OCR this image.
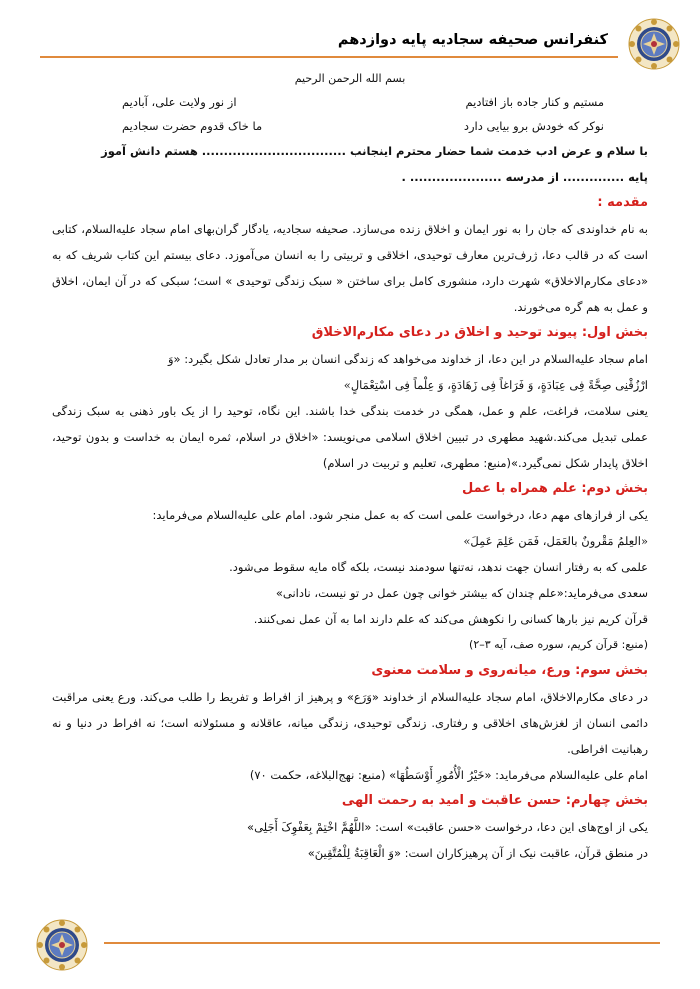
کنفرانس صحیفه سجادیه پایه دوازدهم
بسم الله الرحمن الرحیم
مستیم و کنار جاده باز افتادیم
از نور ولایت علی، آبادیم
نوکر که خودش برو بیایی دارد
ما خاک قدوم حضرت سجادیم
با سلام و عرض ادب خدمت شما حضار محترم اینجانب ................................. هستم دانش آموز
پایه .............. از مدرسه ..................... .
مقدمه :

به نام خداوندی که جان را به نور ایمان و اخلاق زنده می‌سازد. صحیفه سجادیه، یادگار گران‌بهای امام سجاد علیه‌السلام، کتابی است که در قالب دعا، ژرف‌ترین معارف توحیدی، اخلاقی و تربیتی را به انسان می‌آموزد. دعای بیستم این کتاب شریف که به «دعای مکارم‌الاخلاق» شهرت دارد، منشوری کامل برای ساختن « سبک زندگی توحیدی » است؛ سبکی که در آن ایمان، اخلاق و عمل به هم گره می‌خورند.

بخش اول: پیوند توحید و اخلاق در دعای مکارم‌الاخلاق
امام سجاد علیه‌السلام در این دعا، از خداوند می‌خواهد که زندگی انسان بر مدار تعادل شکل بگیرد: «وَ
ارْزُقْنِی صِحَّةً فِی عِبَادَةٍ، وَ فَرَاغاً فِی زَهَادَةٍ، وَ عِلْماً فِی اسْتِعْمَالٍ»

یعنی سلامت، فراغت، علم و عمل، همگی در خدمت بندگی خدا باشند. این نگاه، توحید را از یک باور ذهنی به سبک زندگی عملی تبدیل می‌کند.شهید مطهری در تبیین اخلاق اسلامی می‌نویسد: «اخلاق در اسلام، ثمره ایمان به خداست و بدون توحید، اخلاق پایدار شکل نمی‌گیرد.»(منبع: مطهری، تعلیم و تربیت در اسلام)

بخش دوم: علم همراه با عمل
یکی از فرازهای مهم دعا، درخواست علمی است که به عمل منجر شود. امام علی علیه‌السلام می‌فرماید:
«العِلمُ مَقْرونٌ بالعَمَل، فَمَن عَلِمَ عَمِلَ»
علمی که به رفتار انسان جهت ندهد، نه‌تنها سودمند نیست، بلکه گاه مایه سقوط می‌شود.
سعدی می‌فرماید:«علم چندان که بیشتر خوانی چون عمل در تو نیست، نادانی»
قرآن کریم نیز بارها کسانی را نکوهش می‌کند که علم دارند اما به آن عمل نمی‌کنند.
(منبع: قرآن کریم، سوره صف، آیه ۳–۲)
بخش سوم: ورع، میانه‌روی و سلامت معنوی

در دعای مکارم‌الاخلاق، امام سجاد علیه‌السلام از خداوند «وَرَع» و پرهیز از افراط و تفریط را طلب می‌کند. ورع یعنی مراقبت دائمی انسان از لغزش‌های اخلاقی و رفتاری. زندگی توحیدی، زندگی میانه، عاقلانه و مسئولانه است؛ نه افراط در دنیا و نه رهبانیت افراطی.

امام علی علیه‌السلام می‌فرماید: «خَیْرُ الْأُمُورِ أَوْسَطُهَا» (منبع: نهج‌البلاغه، حکمت ۷۰)
بخش چهارم: حسن عاقبت و امید به رحمت الهی
یکی از اوج‌های این دعا، درخواست «حسن عاقبت» است: «اللَّهُمَّ اخْتِمْ بِعَفْوِکَ أَجَلِی»
در منطق قرآن، عاقبت نیک از آن پرهیزکاران است: «وَ الْعَاقِبَةُ لِلْمُتَّقِینَ»
